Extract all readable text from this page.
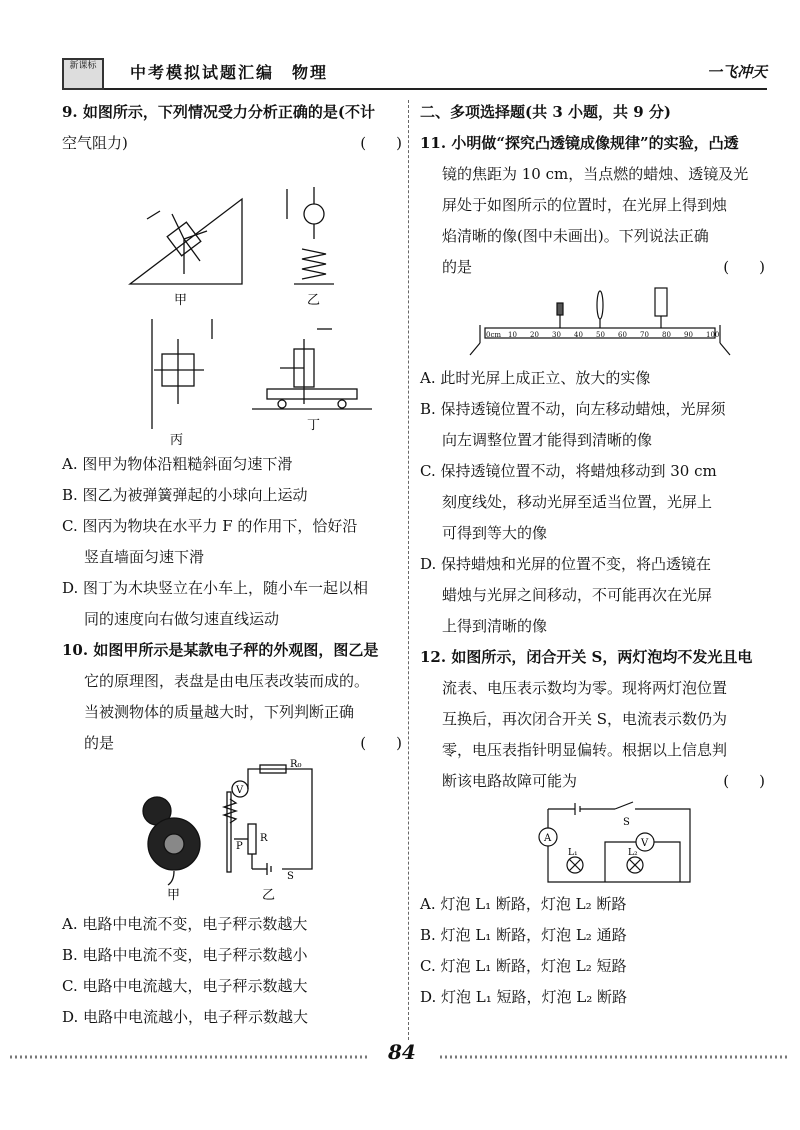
新课标	中考模拟试题汇编　物理	一飞冲天

9. 如图所示，下列情况受力分析正确的是(不计

空气阻力)	(　　)

甲	乙
丙
丁

A. 图甲为物体沿粗糙斜面匀速下滑

B. 图乙为被弹簧弹起的小球向上运动

C. 图丙为物块在水平力 F 的作用下，恰好沿

竖直墙面匀速下滑

D. 图丁为木块竖立在小车上，随小车一起以相

同的速度向右做匀速直线运动

10. 如图甲所示是某款电子秤的外观图，图乙是

它的原理图，表盘是由电压表改装而成的。

当被测物体的质量越大时，下列判断正确

的是	(　　)

R₀
V
R
P
S
甲	乙

A. 电路中电流不变，电子秤示数越大

B. 电路中电流不变，电子秤示数越小

C. 电路中电流越大，电子秤示数越大

D. 电路中电流越小，电子秤示数越大

二、多项选择题(共 3 小题，共 9 分)

11. 小明做“探究凸透镜成像规律”的实验，凸透

镜的焦距为 10 cm，当点燃的蜡烛、透镜及光

屏处于如图所示的位置时，在光屏上得到烛

焰清晰的像(图中未画出)。下列说法正确

的是	(　　)

0cm 10 20 30 40 50 60 70 80 90 100

A. 此时光屏上成正立、放大的实像

B. 保持透镜位置不动，向左移动蜡烛，光屏须

向左调整位置才能得到清晰的像

C. 保持透镜位置不动，将蜡烛移动到 30 cm

刻度线处，移动光屏至适当位置，光屏上

可得到等大的像

D. 保持蜡烛和光屏的位置不变，将凸透镜在

蜡烛与光屏之间移动，不可能再次在光屏

上得到清晰的像

12. 如图所示，闭合开关 S，两灯泡均不发光且电

流表、电压表示数均为零。现将两灯泡位置

互换后，再次闭合开关 S，电流表示数仍为

零，电压表指针明显偏转。根据以上信息判

断该电路故障可能为	(　　)

A	V
S
L₁	L₂

A. 灯泡 L₁ 断路，灯泡 L₂ 断路

B. 灯泡 L₁ 断路，灯泡 L₂ 通路

C. 灯泡 L₁ 断路，灯泡 L₂ 短路

D. 灯泡 L₁ 短路，灯泡 L₂ 断路

84
